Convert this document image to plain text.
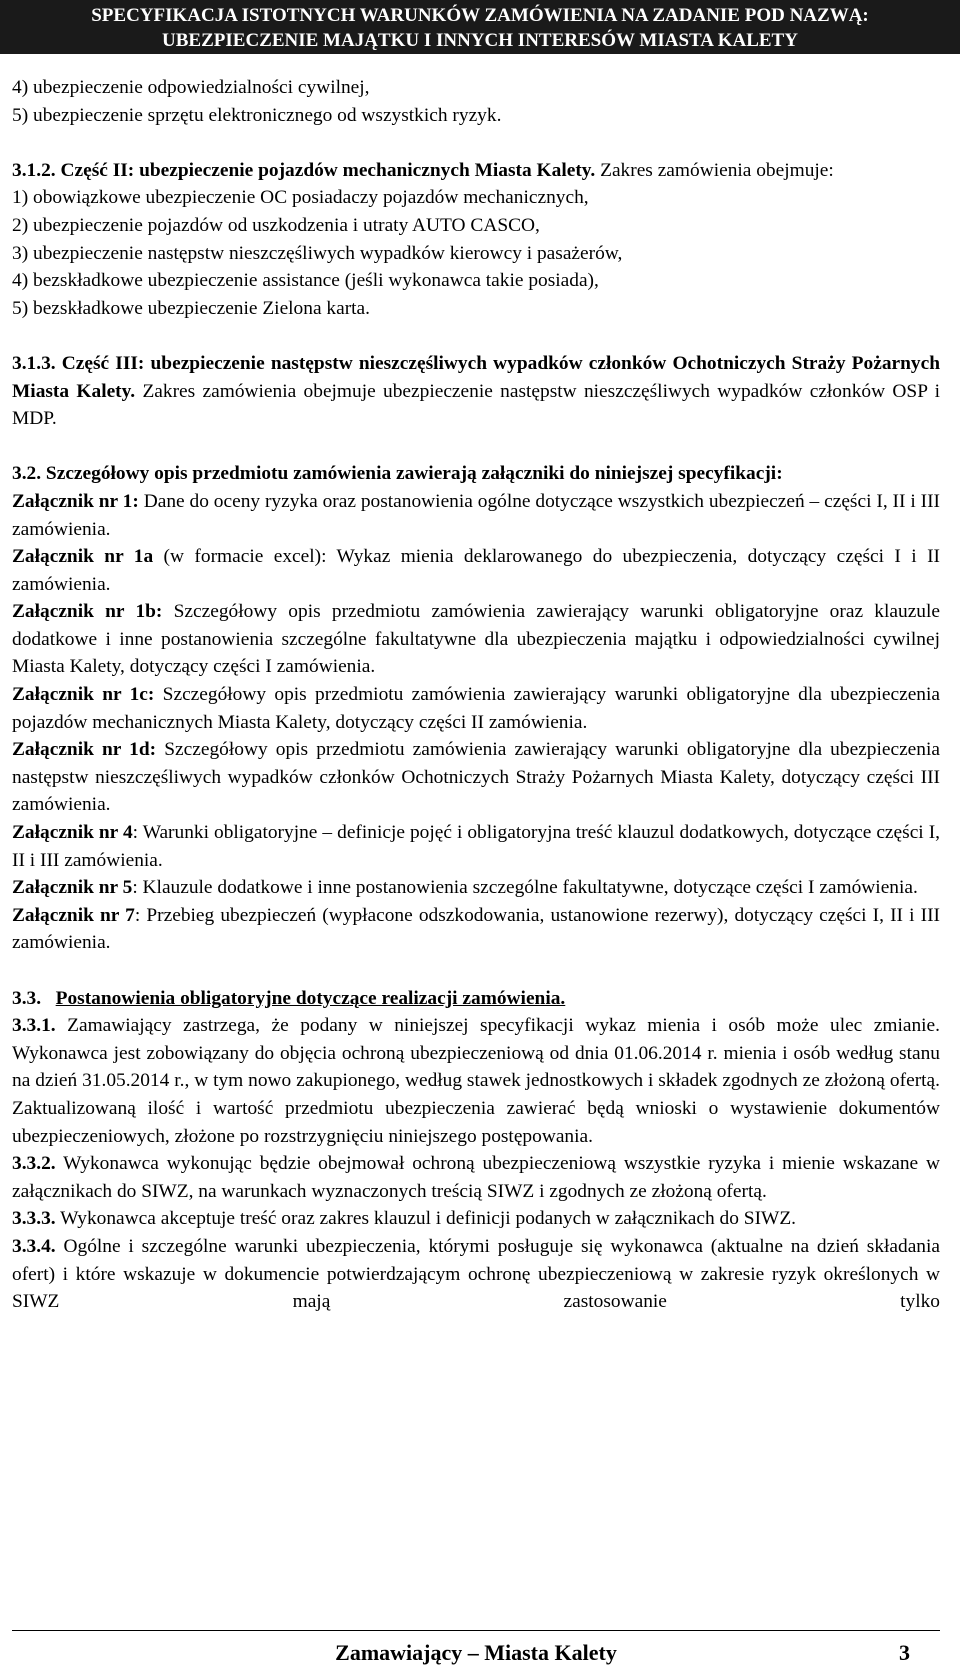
SPECYFIKACJA ISTOTNYCH WARUNKÓW ZAMÓWIENIA NA ZADANIE POD NAZWĄ:
UBEZPIECZENIE MAJĄTKU I INNYCH INTERESÓW MIASTA KALETY

4) ubezpieczenie odpowiedzialności cywilnej,

5) ubezpieczenie sprzętu elektronicznego od wszystkich ryzyk.

3.1.2. Część II: ubezpieczenie pojazdów mechanicznych Miasta Kalety. Zakres zamówienia obejmuje:

1) obowiązkowe ubezpieczenie OC posiadaczy pojazdów mechanicznych,

2) ubezpieczenie pojazdów od uszkodzenia i utraty AUTO CASCO,

3) ubezpieczenie następstw nieszczęśliwych wypadków kierowcy i pasażerów,

4) bezskładkowe ubezpieczenie assistance (jeśli wykonawca takie posiada),

5) bezskładkowe ubezpieczenie Zielona karta.

3.1.3. Część III: ubezpieczenie następstw nieszczęśliwych wypadków członków Ochotniczych Straży Pożarnych Miasta Kalety. Zakres zamówienia obejmuje ubezpieczenie następstw nieszczęśliwych wypadków członków OSP i MDP.

3.2. Szczegółowy opis przedmiotu zamówienia zawierają załączniki do niniejszej specyfikacji:

Załącznik nr 1: Dane do oceny ryzyka oraz postanowienia ogólne dotyczące wszystkich ubezpieczeń – części I, II i III zamówienia.

Załącznik nr 1a (w formacie excel): Wykaz mienia deklarowanego do ubezpieczenia, dotyczący części I i II zamówienia.

Załącznik nr 1b: Szczegółowy opis przedmiotu zamówienia zawierający warunki obligatoryjne oraz klauzule dodatkowe i inne postanowienia szczególne fakultatywne dla ubezpieczenia majątku i odpowiedzialności cywilnej Miasta Kalety, dotyczący części I zamówienia.

Załącznik nr 1c: Szczegółowy opis przedmiotu zamówienia zawierający warunki obligatoryjne dla ubezpieczenia pojazdów mechanicznych Miasta Kalety, dotyczący części II zamówienia.

Załącznik nr 1d: Szczegółowy opis przedmiotu zamówienia zawierający warunki obligatoryjne dla ubezpieczenia następstw nieszczęśliwych wypadków członków Ochotniczych Straży Pożarnych Miasta Kalety, dotyczący części III zamówienia.

Załącznik nr 4: Warunki obligatoryjne – definicje pojęć i obligatoryjna treść klauzul dodatkowych, dotyczące części I, II i III zamówienia.

Załącznik nr 5: Klauzule dodatkowe i inne postanowienia szczególne fakultatywne, dotyczące części I zamówienia.

Załącznik nr 7: Przebieg ubezpieczeń (wypłacone odszkodowania, ustanowione rezerwy), dotyczący części I, II i III zamówienia.

3.3. Postanowienia obligatoryjne dotyczące realizacji zamówienia.

3.3.1. Zamawiający zastrzega, że podany w niniejszej specyfikacji wykaz mienia i osób może ulec zmianie. Wykonawca jest zobowiązany do objęcia ochroną ubezpieczeniową od dnia 01.06.2014 r. mienia i osób według stanu na dzień 31.05.2014 r., w tym nowo zakupionego, według stawek jednostkowych i składek zgodnych ze złożoną ofertą. Zaktualizowaną ilość i wartość przedmiotu ubezpieczenia zawierać będą wnioski o wystawienie dokumentów ubezpieczeniowych, złożone po rozstrzygnięciu niniejszego postępowania.

3.3.2. Wykonawca wykonując będzie obejmował ochroną ubezpieczeniową wszystkie ryzyka i mienie wskazane w załącznikach do SIWZ, na warunkach wyznaczonych treścią SIWZ i zgodnych ze złożoną ofertą.

3.3.3. Wykonawca akceptuje treść oraz zakres klauzul i definicji podanych w załącznikach do SIWZ.

3.3.4. Ogólne i szczególne warunki ubezpieczenia, którymi posługuje się wykonawca (aktualne na dzień składania ofert) i które wskazuje w dokumencie potwierdzającym ochronę ubezpieczeniową w zakresie ryzyk określonych w SIWZ mają zastosowanie tylko

Zamawiający – Miasta Kalety	3
